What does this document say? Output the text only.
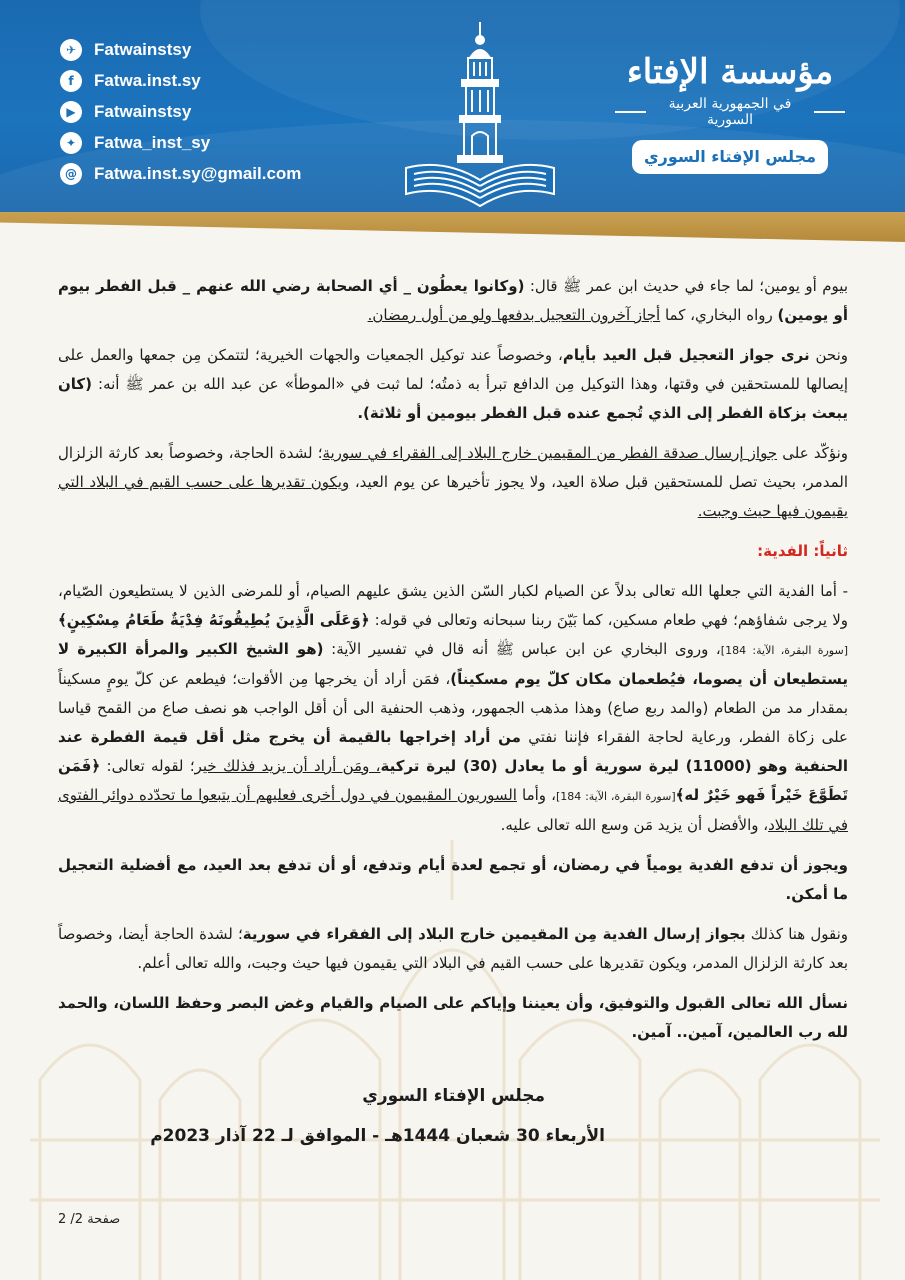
✈	Fatwainstsy
f	Fatwa.inst.sy
▶	Fatwainstsy
✦	Fatwa_inst_sy
@ Fatwa.inst.sy@gmail.com
مؤسسة الإفتاء
في الجمهورية العربية السورية
مجلس الإفتاء السوري

بيوم أو يومين؛ لما جاء في حديث ابن عمر ﷺ قال: (وكانوا يعطُون _ أي الصحابة رضي الله عنهم _ قبل الفطر بيوم أو يومين) رواه البخاري، كما أجاز آخرون التعجيل بدفعها ولو من أول رمضان.

ونحن نرى جواز التعجيل قبل العيد بأيام، وخصوصاً عند توكيل الجمعيات والجهات الخيرية؛ لتتمكن مِن جمعها والعمل على إيصالها للمستحقين في وقتها، وهذا التوكيل مِن الدافع تبرأ به ذمتُه؛ لما ثبت في «الموطأ» عن عبد الله بن عمر ﷺ أنه: (كان يبعث بزكاة الفطر إلى الذي تُجمع عنده قبل الفطر بيومين أو ثلاثة).

ونؤكّد على جواز إرسال صدقة الفطر من المقيمين خارج البلاد إلى الفقراء في سورية؛ لشدة الحاجة، وخصوصاً بعد كارثة الزلزال المدمر، بحيث تصل للمستحقين قبل صلاة العيد، ولا يجوز تأخيرها عن يوم العيد، ويكون تقديرها على حسب القيم في البلاد التي يقيمون فيها حيث وجبت.

ثانياً: الفدية:

- أما الفدية التي جعلها الله تعالى بدلاً عن الصيام لكبار السّن الذين يشق عليهم الصيام، أو للمرضى الذين لا يستطيعون الصّيام، ولا يرجى شفاؤهم؛ فهي طعام مسكين، كما بَيّنَ ربنا سبحانه وتعالى في قوله: ﴿وَعَلَى الَّذِينَ يُطِيقُونَهُ فِدْيَةٌ طَعَامُ مِسْكِينٍ﴾[سورة البقرة، الآية: 184]، وروى البخاري عن ابن عباس ﷺ أنه قال في تفسير الآية: (هو الشيخ الكبير والمرأة الكبيرة لا يستطيعان أن يصوما، فيُطعمان مكان كلّ يوم مسكيناً)، فمَن أراد أن يخرجها مِن الأقوات؛ فيطعم عن كلّ يومٍ مسكيناً بمقدار مد من الطعام (والمد ربع صاع) وهذا مذهب الجمهور، وذهب الحنفية الى أن أقل الواجب هو نصف صاع من القمح قياسا على زكاة الفطر، ورعاية لحاجة الفقراء فإننا نفتي من أراد إخراجها بالقيمة أن يخرج مثل أقل قيمة الفطرة عند الحنفية وهو (11000) ليرة سورية أو ما يعادل (30) ليرة تركية، ومَن أراد أن يزيد فذلك خير؛ لقوله تعالى: ﴿فَمَن تَطَوَّعَ خَيْراً فَهو خَيْرٌ له﴾[سورة البقرة، الآية: 184]، وأما السوريون المقيمون في دول أخرى فعليهم أن يتبعوا ما تحدّده دوائر الفتوى في تلك البلاد، والأفضل أن يزيد مَن وسع الله تعالى عليه.

ويجوز أن تدفع الفدية يومياً في رمضان، أو تجمع لعدة أيام وتدفع، أو أن تدفع بعد العيد، مع أفضلية التعجيل ما أمكن.

ونقول هنا كذلك بجواز إرسال الفدية مِن المقيمين خارج البلاد إلى الفقراء في سورية؛ لشدة الحاجة أيضا، وخصوصاً بعد كارثة الزلزال المدمر، ويكون تقديرها على حسب القيم في البلاد التي يقيمون فيها حيث وجبت، والله تعالى أعلم.

نسأل الله تعالى القبول والتوفيق، وأن يعيننا وإياكم على الصيام والقيام وغض البصر وحفظ اللسان، والحمد لله رب العالمين، آمين.. آمين.

مجلس الإفتاء السوري
الأربعاء 30 شعبان 1444هـ - الموافق لـ 22 آذار 2023م
صفحة 2/ 2
